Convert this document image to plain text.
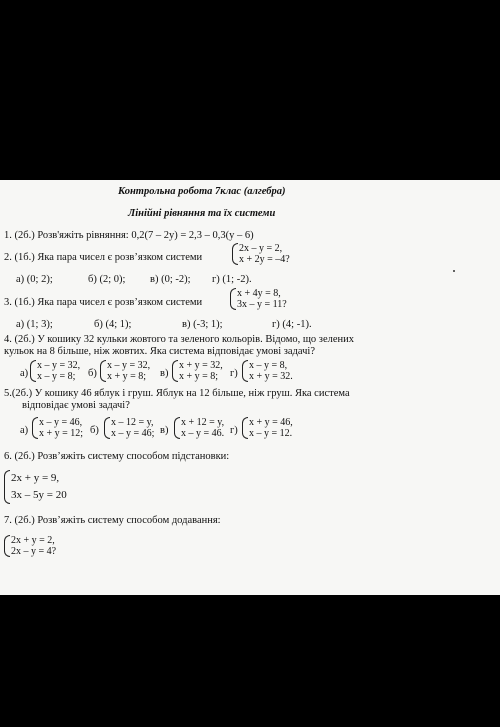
Контрольна робота 7клас (алгебра)
Лінійні рівняння та їх системи
1. (2б.) Розв'яжіть рівняння: 0,2(7 – 2y) = 2,3 – 0,3(y – 6)
2. (1б.) Яка пара чисел є розв’язком системи
2x – y = 2,
x + 2y = –4?
а) (0; 2);	б) (2; 0); в) (0; -2); г) (1; -2).
3. (1б.) Яка пара чисел є розв’язком системи
x + 4y = 8,
3x – y = 11?
а) (1; 3);	б) (4; 1);	в) (-3; 1);	г) (4; -1).
4. (2б.) У кошику 32 кульки жовтого та зеленого кольорів. Відомо, що зелених
кульок на 8 більше, ніж жовтих. Яка система відповідає умові задачі?
а)
x – y = 32,
x – y = 8;	б)
x – y = 32,
x + y = 8;	в)
x + y = 32,
x + y = 8;	г)
x – y = 8,
x + y = 32.
5.(2б.) У кошику 46 яблук і груш. Яблук на 12 більше, ніж груш. Яка система
відповідає умові задачі?
а)
x – y = 46,
x + y = 12; б)
x – 12 = y,
x – y = 46; в)
x + 12 = y,
x – y = 46. г)
x + y = 46,
x – y = 12.
6. (2б.) Розв’яжіть систему способом підстановки:
2x + y = 9,
3x – 5y = 20
7. (2б.) Розв’яжіть систему способом додавання:
2x + y = 2,
2x – y = 4?
